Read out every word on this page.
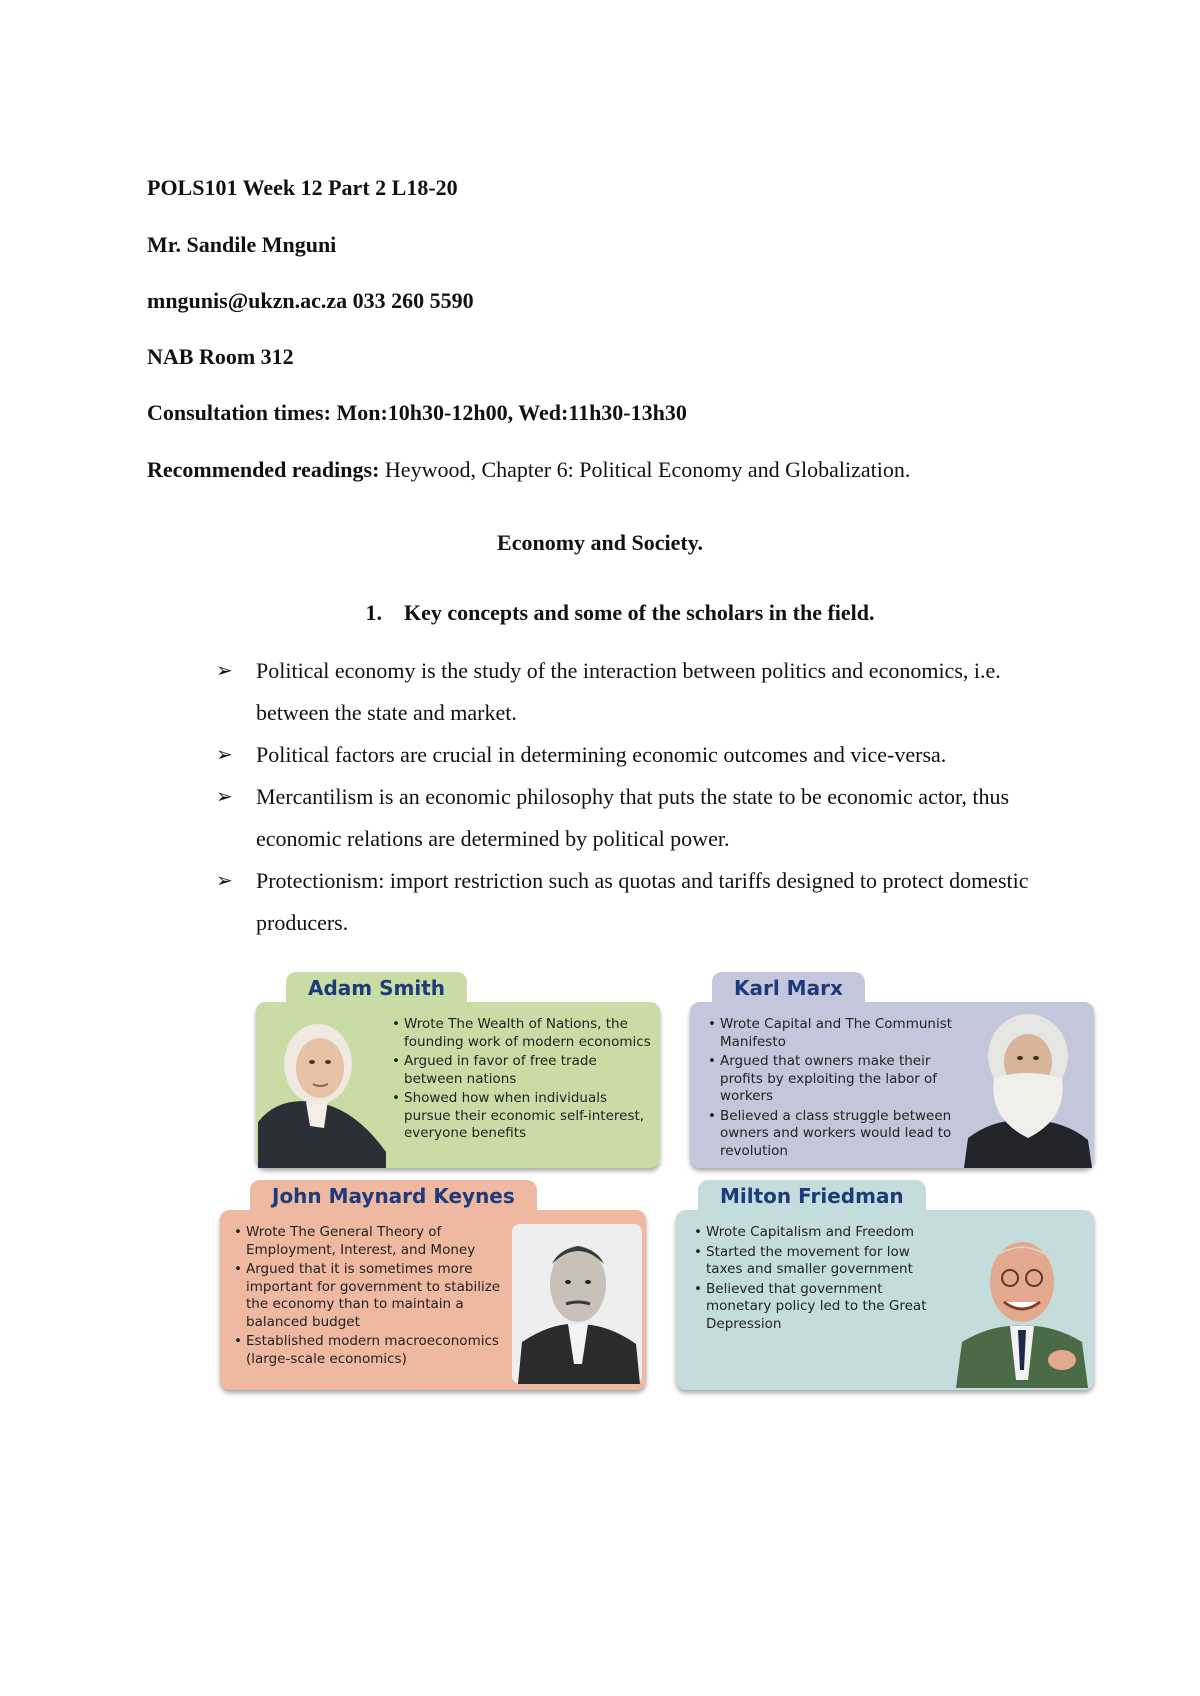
POLS101 Week 12 Part 2 L18-20
Mr. Sandile Mnguni
mngunis@ukzn.ac.za 033 260 5590
NAB Room 312
Consultation times: Mon:10h30-12h00, Wed:11h30-13h30
Recommended readings: Heywood, Chapter 6: Political Economy and Globalization.
Economy and Society.
1. Key concepts and some of the scholars in the field.
➢ Political economy is the study of the interaction between politics and economics, i.e. between the state and market.
➢ Political factors are crucial in determining economic outcomes and vice-versa.
➢ Mercantilism is an economic philosophy that puts the state to be economic actor, thus economic relations are determined by political power.
➢ Protectionism: import restriction such as quotas and tariffs designed to protect domestic producers.
Adam Smith
• Wrote The Wealth of Nations, the founding work of modern economics
• Argued in favor of free trade between nations
• Showed how when individuals pursue their economic self-interest, everyone benefits
Karl Marx
• Wrote Capital and The Communist Manifesto
• Argued that owners make their profits by exploiting the labor of workers
• Believed a class struggle between owners and workers would lead to revolution
John Maynard Keynes
• Wrote The General Theory of Employment, Interest, and Money
• Argued that it is sometimes more important for government to stabilize the economy than to maintain a balanced budget
• Established modern macroeconomics (large-scale economics)
Milton Friedman
• Wrote Capitalism and Freedom
• Started the movement for low taxes and smaller government
• Believed that government monetary policy led to the Great Depression
